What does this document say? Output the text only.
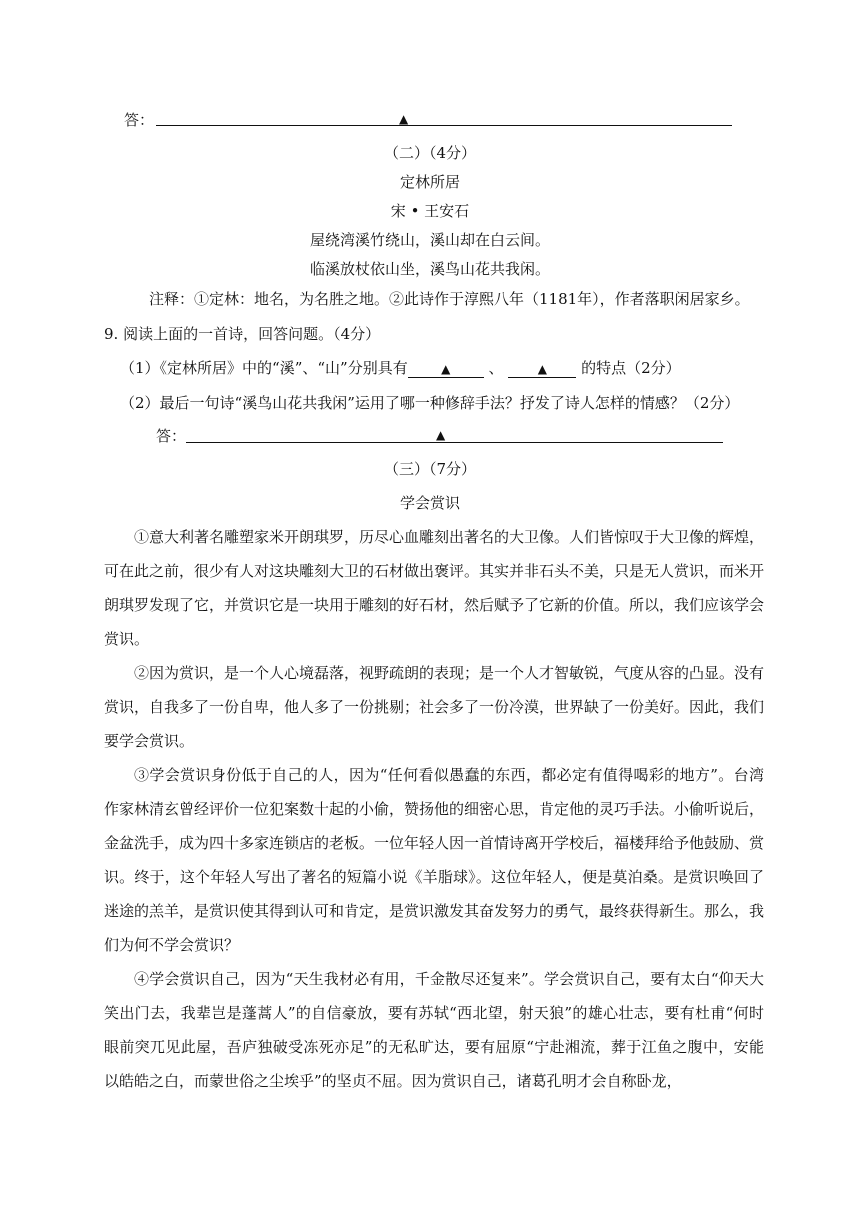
答：	▲
（二）（4分）
定林所居
宋 • 王安石
屋绕湾溪竹绕山，溪山却在白云间。
临溪放杖依山坐，溪鸟山花共我闲。
注释：①定林：地名，为名胜之地。②此诗作于淳熙八年（1181年），作者落职闲居家乡。
9. 阅读上面的一首诗，回答问题。（4分）
（1）《定林所居》中的“溪”、“山”分别具有	▲	、	▲ 的特点（2分）
（2）最后一句诗“溪鸟山花共我闲”运用了哪一种修辞手法？抒发了诗人怎样的情感？（2分）
答：	▲
（三）（7分）
学会赏识
①意大利著名雕塑家米开朗琪罗，历尽心血雕刻出著名的大卫像。人们皆惊叹于大卫像的辉煌，可在此之前，很少有人对这块雕刻大卫的石材做出褒评。其实并非石头不美，只是无人赏识，而米开朗琪罗发现了它，并赏识它是一块用于雕刻的好石材，然后赋予了它新的价值。所以，我们应该学会赏识。
②因为赏识，是一个人心境磊落，视野疏朗的表现；是一个人才智敏锐，气度从容的凸显。没有赏识，自我多了一份自卑，他人多了一份挑剔；社会多了一份冷漠，世界缺了一份美好。因此，我们要学会赏识。
③学会赏识身份低于自己的人，因为“任何看似愚蠢的东西，都必定有值得喝彩的地方”。台湾作家林清玄曾经评价一位犯案数十起的小偷，赞扬他的细密心思，肯定他的灵巧手法。小偷听说后，金盆洗手，成为四十多家连锁店的老板。一位年轻人因一首情诗离开学校后，福楼拜给予他鼓励、赏识。终于，这个年轻人写出了著名的短篇小说《羊脂球》。这位年轻人，便是莫泊桑。是赏识唤回了迷途的羔羊，是赏识使其得到认可和肯定，是赏识激发其奋发努力的勇气，最终获得新生。那么，我们为何不学会赏识？
④学会赏识自己，因为“天生我材必有用，千金散尽还复来”。学会赏识自己，要有太白“仰天大笑出门去，我辈岂是蓬蒿人”的自信豪放，要有苏轼“西北望，射天狼”的雄心壮志，要有杜甫“何时眼前突兀见此屋，吾庐独破受冻死亦足”的无私旷达，要有屈原“宁赴湘流，葬于江鱼之腹中，安能以皓皓之白，而蒙世俗之尘埃乎”的坚贞不屈。因为赏识自己，诸葛孔明才会自称卧龙，
